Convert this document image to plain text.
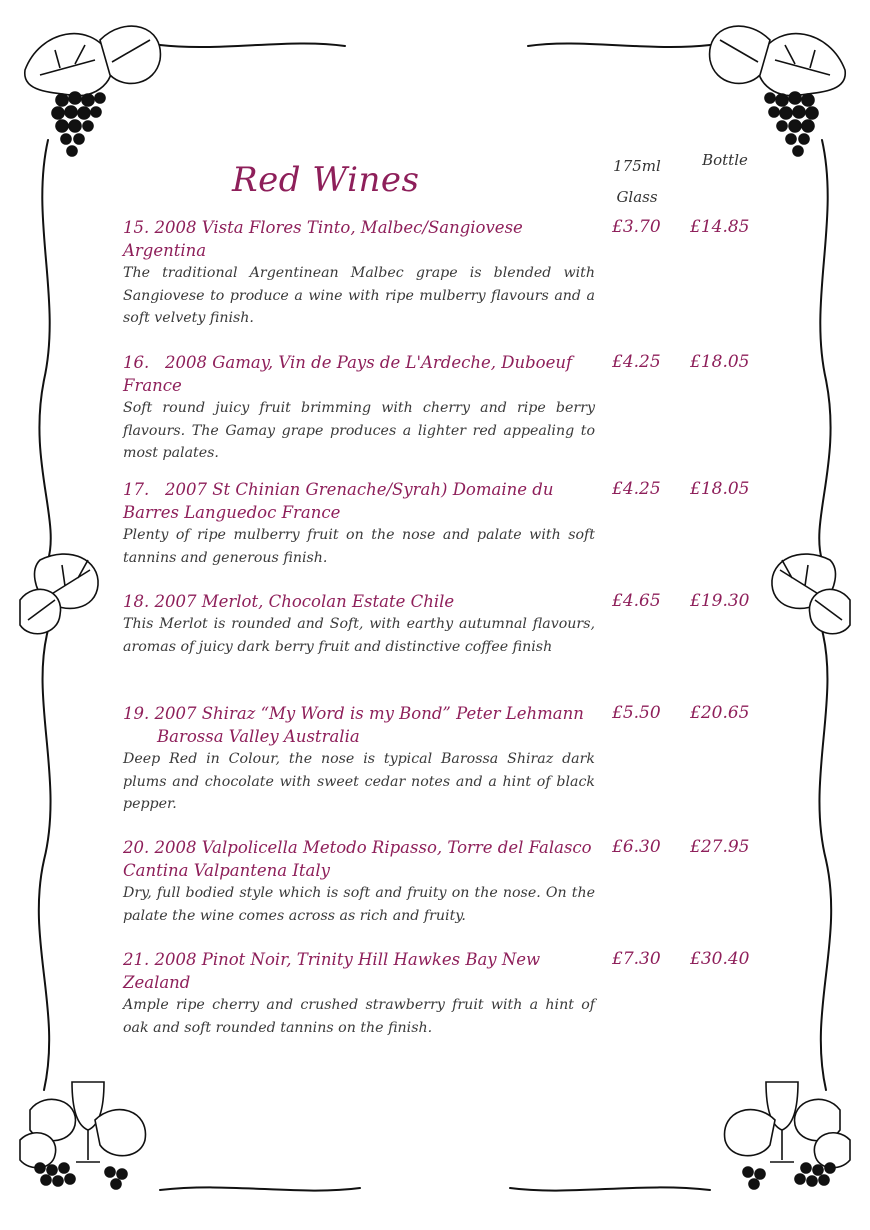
Red Wines	175ml
Glass
Bottle
15. 2008 Vista Flores Tinto, Malbec/Sangiovese
Argentina
The traditional Argentinean Malbec grape is blended with Sangiovese to produce a wine with ripe mulberry flavours and a soft velvety finish.
£3.70	£14.85
16. 2008 Gamay, Vin de Pays de L'Ardeche, Duboeuf
France
Soft round juicy fruit brimming with cherry and ripe berry flavours. The Gamay grape produces a lighter red appealing to most palates.
£4.25	£18.05
17. 2007 St Chinian Grenache/Syrah) Domaine du
Barres Languedoc France
Plenty of ripe mulberry fruit on the nose and palate with soft tannins and generous finish.
£4.25	£18.05
18. 2007 Merlot, Chocolan Estate Chile
This Merlot is rounded and Soft, with earthy autumnal flavours, aromas of juicy dark berry fruit and distinctive coffee finish
£4.65	£19.30
19. 2007 Shiraz “My Word is my Bond” Peter Lehmann
Barossa Valley Australia
Deep Red in Colour, the nose is typical Barossa Shiraz dark plums and chocolate with sweet cedar notes and a hint of black pepper.
£5.50	£20.65
20. 2008 Valpolicella Metodo Ripasso, Torre del Falasco
Cantina Valpantena Italy
Dry, full bodied style which is soft and fruity on the nose. On the palate the wine comes across as rich and fruity.
£6.30	£27.95
21. 2008 Pinot Noir, Trinity Hill Hawkes Bay New
Zealand
Ample ripe cherry and crushed strawberry fruit with a hint of oak and soft rounded tannins on the finish.
£7.30	£30.40
